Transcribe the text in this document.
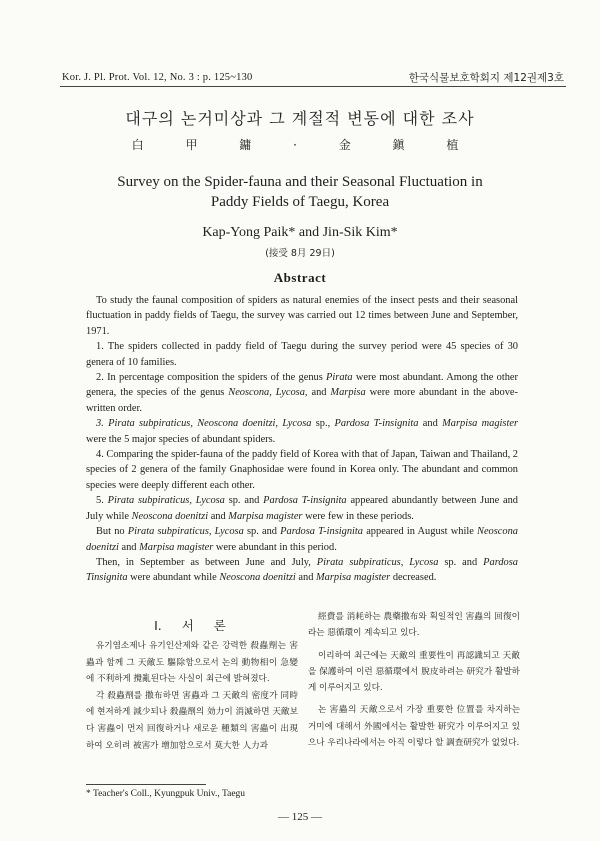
Kor. J. Pl. Prot. Vol. 12, No. 3 : p. 125~130	한국식물보호학회지 제12권제3호
대구의 논거미상과 그 계절적 변동에 대한 조사
白 甲 鏞 · 金 鎭 植
Survey on the Spider-fauna and their Seasonal Fluctuation in
Paddy Fields of Taegu, Korea
Kap-Yong Paik* and Jin-Sik Kim*
(接受 8月 29日)
Abstract

To study the faunal composition of spiders as natural enemies of the insect pests and their seasonal fluctuation in paddy fields of Taegu, the survey was carried out 12 times between June and September, 1971.

1. The spiders collected in paddy field of Taegu during the survey period were 45 species of 30 genera of 10 families.

2. In percentage composition the spiders of the genus Pirata were most abundant. Among the other genera, the species of the genus Neoscona, Lycosa, and Marpisa were more abundant in the above-written order.

3. Pirata subpiraticus, Neoscona doenitzi, Lycosa sp., Pardosa T-insignita and Marpisa magister were the 5 major species of abundant spiders.

4. Comparing the spider-fauna of the paddy field of Korea with that of Japan, Taiwan and Thailand, 2 species of 2 genera of the family Gnaphosidae were found in Korea only. The abundant and common species were deeply different each other.

5. Pirata subpiraticus, Lycosa sp. and Pardosa T-insignita appeared abundantly between June and July while Neoscona doenitzi and Marpisa magister were few in these periods.

But no Pirata subpiraticus, Lycosa sp. and Pardosa T-insignita appeared in August while Neoscona doenitzi and Marpisa magister were abundant in this period.

Then, in September as between June and July, Pirata subpiraticus, Lycosa sp. and Pardosa Tinsignita were abundant while Neoscona doenitzi and Marpisa magister decreased.

Ⅰ. 서 론

유기염소제나 유기인산제와 같은 강력한 殺蟲劑는 害蟲과 함께 그 天敵도 驅除함으로서 논의 動物相이 急變에 不利하게 攪亂된다는 사실이 최근에 밝혀졌다.

각 殺蟲劑를 撒布하면 害蟲과 그 天敵의 密度가 同時에 현저하게 減少되나 殺蟲劑의 効力이 消滅하면 天敵보다 害蟲이 먼저 回復하거나 새로운 種類의 害蟲이 出現하여 오히려 被害가 增加함으로서 莫大한 人力과

經費를 消耗하는 農藥撒布와 획일적인 害蟲의 回復이라는 惡循環이 계속되고 있다.

이리하여 최근에는 天敵의 重要性이 再認識되고 天敵을 保護하여 이런 惡循環에서 脫皮하려는 研究가 활발하게 이루어지고 있다.

논 害蟲의 天敵으로서 가장 重要한 位置를 차지하는 거미에 대해서 外國에서는 활발한 研究가 이루어지고 있으나 우리나라에서는 아직 이렇다 할 調査研究가 없었다.

* Teacher's Coll., Kyungpuk Univ., Taegu
— 125 —
